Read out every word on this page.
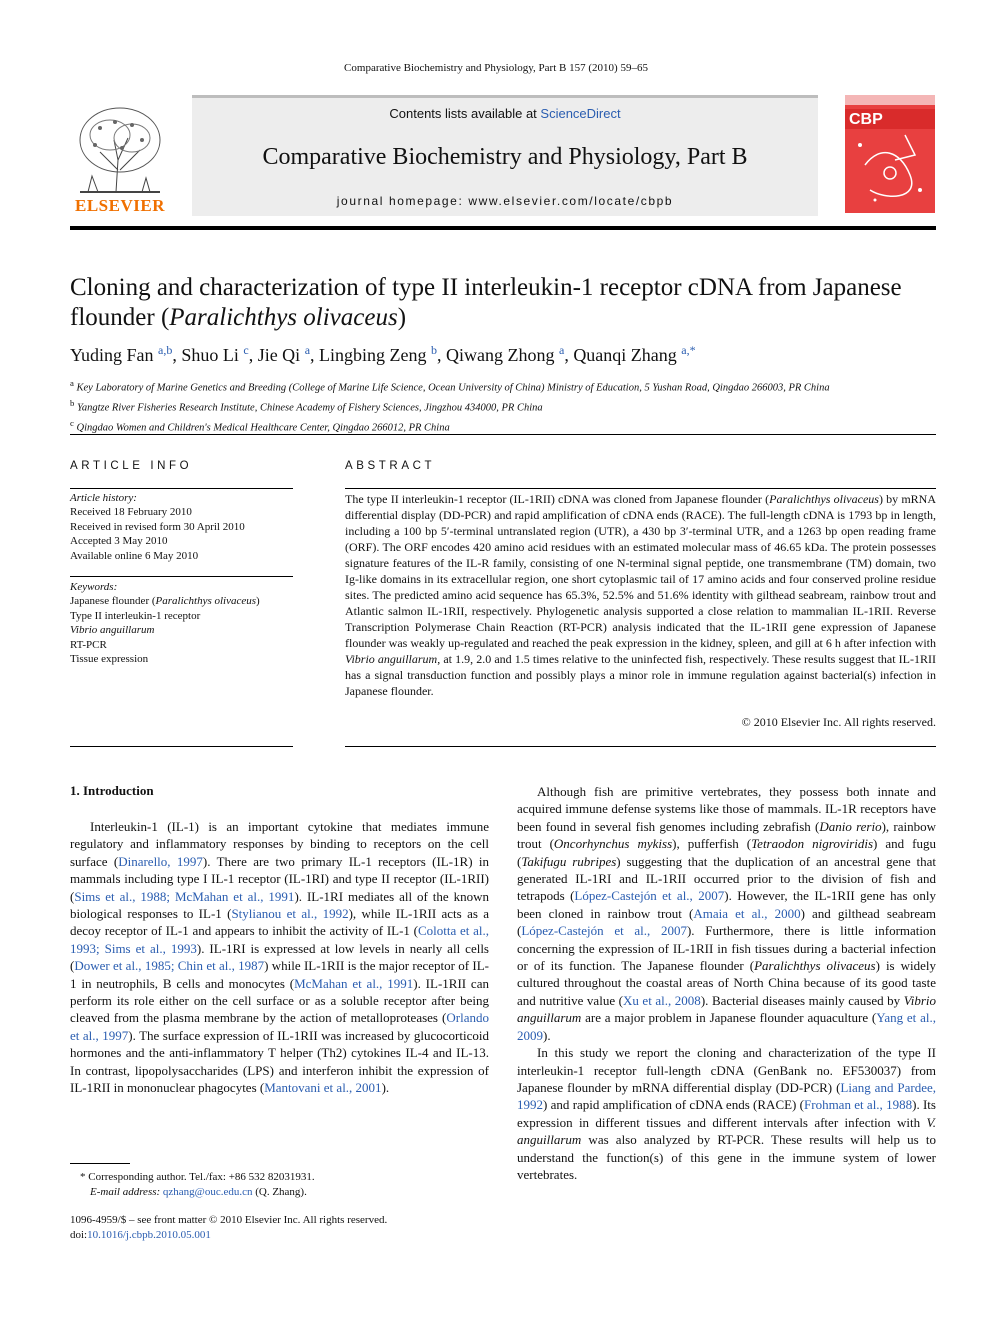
Comparative Biochemistry and Physiology, Part B 157 (2010) 59–65
ELSEVIER
Contents lists available at ScienceDirect
Comparative Biochemistry and Physiology, Part B
journal homepage: www.elsevier.com/locate/cbpb
CBP
Cloning and characterization of type II interleukin-1 receptor cDNA from Japanese flounder (Paralichthys olivaceus)
Yuding Fan $^{a,b}$, Shuo Li $^c$, Jie Qi $^a$, Lingbing Zeng $^b$, Qiwang Zhong $^a$, Quanqi Zhang $^{a,*}$
$^a$ Key Laboratory of Marine Genetics and Breeding (College of Marine Life Science, Ocean University of China) Ministry of Education, 5 Yushan Road, Qingdao 266003, PR China
$^b$ Yangtze River Fisheries Research Institute, Chinese Academy of Fishery Sciences, Jingzhou 434000, PR China
$^c$ Qingdao Women and Children's Medical Healthcare Center, Qingdao 266012, PR China
ARTICLE INFO
Article history:
Received 18 February 2010
Received in revised form 30 April 2010
Accepted 3 May 2010
Available online 6 May 2010
Keywords:
Japanese flounder (Paralichthys olivaceus)
Type II interleukin-1 receptor
Vibrio anguillarum
RT-PCR
Tissue expression
ABSTRACT
The type II interleukin-1 receptor (IL-1RII) cDNA was cloned from Japanese flounder (Paralichthys olivaceus) by mRNA differential display (DD-PCR) and rapid amplification of cDNA ends (RACE). The full-length cDNA is 1793 bp in length, including a 100 bp 5′-terminal untranslated region (UTR), a 430 bp 3′-terminal UTR, and a 1263 bp open reading frame (ORF). The ORF encodes 420 amino acid residues with an estimated molecular mass of 46.65 kDa. The protein possesses signature features of the IL-R family, consisting of one N-terminal signal peptide, one transmembrane (TM) domain, two Ig-like domains in its extracellular region, one short cytoplasmic tail of 17 amino acids and four conserved proline residue sites. The predicted amino acid sequence has 65.3%, 52.5% and 51.6% identity with gilthead seabream, rainbow trout and Atlantic salmon IL-1RII, respectively. Phylogenetic analysis supported a close relation to mammalian IL-1RII. Reverse Transcription Polymerase Chain Reaction (RT-PCR) analysis indicated that the IL-1RII gene expression of Japanese flounder was weakly up-regulated and reached the peak expression in the kidney, spleen, and gill at 6 h after infection with Vibrio anguillarum, at 1.9, 2.0 and 1.5 times relative to the uninfected fish, respectively. These results suggest that IL-1RII has a signal transduction function and possibly plays a minor role in immune regulation against bacterial(s) infection in Japanese flounder.
© 2010 Elsevier Inc. All rights reserved.
1. Introduction

Interleukin-1 (IL-1) is an important cytokine that mediates immune regulatory and inflammatory responses by binding to receptors on the cell surface (Dinarello, 1997). There are two primary IL-1 receptors (IL-1R) in mammals including type I IL-1 receptor (IL-1RI) and type II receptor (IL-1RII) (Sims et al., 1988; McMahan et al., 1991). IL-1RI mediates all of the known biological responses to IL-1 (Stylianou et al., 1992), while IL-1RII acts as a decoy receptor of IL-1 and appears to inhibit the activity of IL-1 (Colotta et al., 1993; Sims et al., 1993). IL-1RI is expressed at low levels in nearly all cells (Dower et al., 1985; Chin et al., 1987) while IL-1RII is the major receptor of IL-1 in neutrophils, B cells and monocytes (McMahan et al., 1991). IL-1RII can perform its role either on the cell surface or as a soluble receptor after being cleaved from the plasma membrane by the action of metalloproteases (Orlando et al., 1997). The surface expression of IL-1RII was increased by glucocorticoid hormones and the anti-inflammatory T helper (Th2) cytokines IL-4 and IL-13. In contrast, lipopolysaccharides (LPS) and interferon inhibit the expression of IL-1RII in mononuclear phagocytes (Mantovani et al., 2001).

Although fish are primitive vertebrates, they possess both innate and acquired immune defense systems like those of mammals. IL-1R receptors have been found in several fish genomes including zebrafish (Danio rerio), rainbow trout (Oncorhynchus mykiss), pufferfish (Tetraodon nigroviridis) and fugu (Takifugu rubripes) suggesting that the duplication of an ancestral gene that generated IL-1RI and IL-1RII occurred prior to the division of fish and tetrapods (López-Castejón et al., 2007). However, the IL-1RII gene has only been cloned in rainbow trout (Amaia et al., 2000) and gilthead seabream (López-Castejón et al., 2007). Furthermore, there is little information concerning the expression of IL-1RII in fish tissues during a bacterial infection or of its function. The Japanese flounder (Paralichthys olivaceus) is widely cultured throughout the coastal areas of North China because of its good taste and nutritive value (Xu et al., 2008). Bacterial diseases mainly caused by Vibrio anguillarum are a major problem in Japanese flounder aquaculture (Yang et al., 2009).

In this study we report the cloning and characterization of the type II interleukin-1 receptor full-length cDNA (GenBank no. EF530037) from Japanese flounder by mRNA differential display (DD-PCR) (Liang and Pardee, 1992) and rapid amplification of cDNA ends (RACE) (Frohman et al., 1988). Its expression in different tissues and different intervals after infection with V. anguillarum was also analyzed by RT-PCR. These results will help us to understand the function(s) of this gene in the immune system of lower vertebrates.

* Corresponding author. Tel./fax: +86 532 82031931.
E-mail address: qzhang@ouc.edu.cn (Q. Zhang).
1096-4959/$ – see front matter © 2010 Elsevier Inc. All rights reserved.
doi:10.1016/j.cbpb.2010.05.001
